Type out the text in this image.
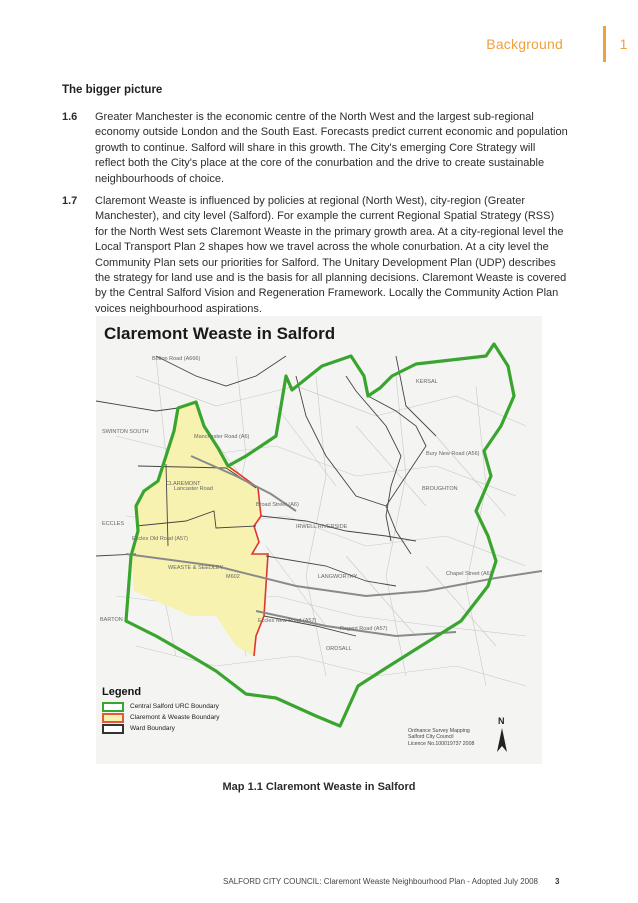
Background	1
The bigger picture
1.6 Greater Manchester is the economic centre of the North West and the largest sub-regional economy outside London and the South East. Forecasts predict current economic and population growth to continue. Salford will share in this growth. The City's emerging Core Strategy will reflect both the City's place at the core of the conurbation and the drive to create sustainable neighbourhoods of choice.
1.7 Claremont Weaste is influenced by policies at regional (North West), city-region (Greater Manchester), and city level (Salford). For example the current Regional Spatial Strategy (RSS) for the North West sets Claremont Weaste in the primary growth area. At a city-regional level the Local Transport Plan 2 shapes how we travel across the whole conurbation. At a city level the Community Plan sets our priorities for Salford. The Unitary Development Plan (UDP) describes the strategy for land use and is the basis for all planning decisions. Claremont Weaste is covered by the Central Salford Vision and Regeneration Framework. Locally the Community Action Plan voices neighbourhood aspirations.
Claremont Weaste in Salford
SWINTON SOUTH
CLAREMONT
ECCLES
WEASTE & SEEDLEY
BARTON
KERSAL
BROUGHTON
IRWELL RIVERSIDE
LANGWORTHY
ORDSALL
Eccles Old Road (A57)
Eccles New Road (A57)
Bolton Road (A666)
Manchester Road (A6)
Broad Street (A6)
Chapel Street (A6)
Regent Road (A57)
Lancaster Road
Bury New Road (A56)
M602
Legend
Central Salford URC Boundary
Claremont & Weaste Boundary
Ward Boundary	Ordnance Survey Mapping
Salford City Council
Licence No.100019737 2008
N
Map 1.1 Claremont Weaste in Salford
SALFORD CITY COUNCIL: Claremont Weaste Neighbourhood Plan - Adopted July 2008 3
